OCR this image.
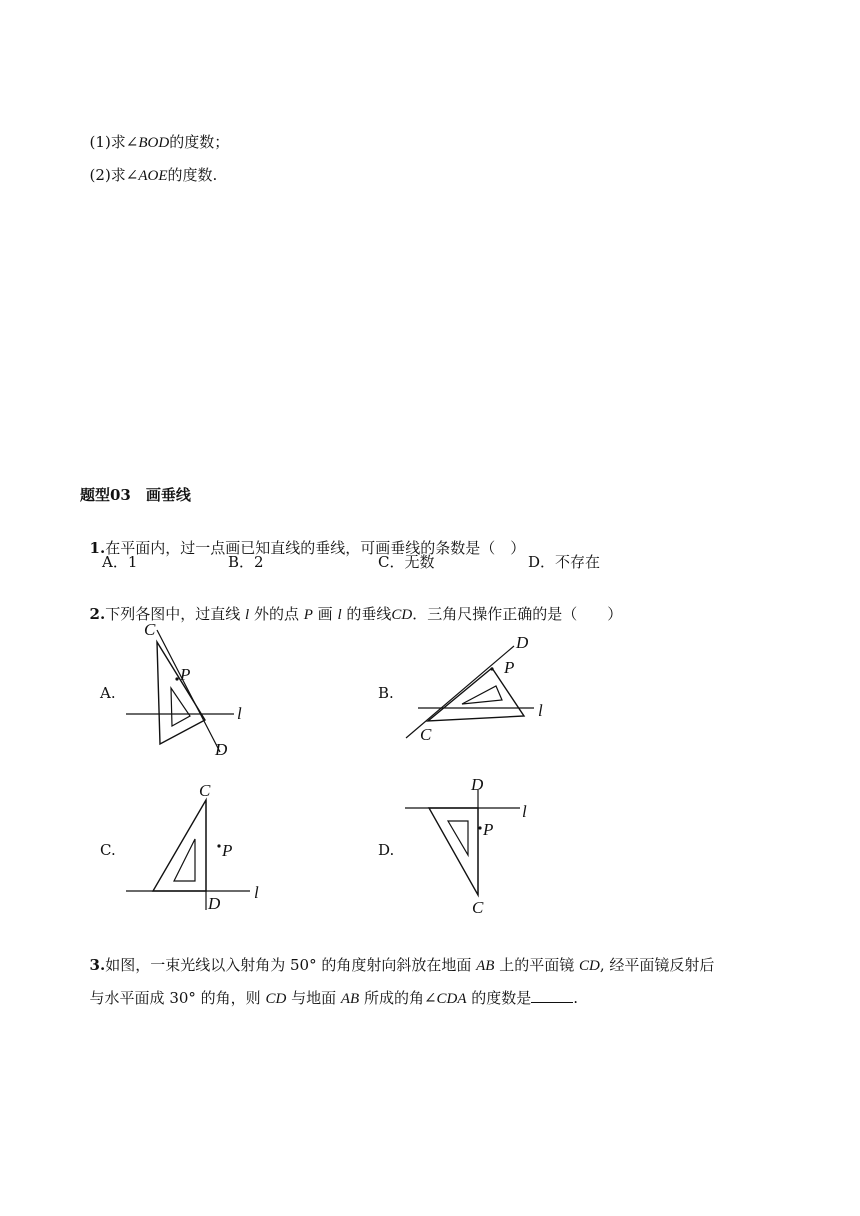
(1)求∠BOD的度数；

(2)求∠AOE的度数.

题型03　画垂线

1.在平面内，过一点画已知直线的垂线，可画垂线的条数是（　）

A．1	B．2	C．无数	D．不存在

2.下列各图中，过直线 l 外的点 P 画 l 的垂线CD．三角尺操作正确的是（　　）

A.
C
P
l
D
B.
D
P
l
C
C.
C
P
l
D
D.
D
l
P
C

3.如图，一束光线以入射角为 50° 的角度射向斜放在地面 AB 上的平面镜 CD, 经平面镜反射后

与水平面成 30° 的角，则 CD 与地面 AB 所成的角∠CDA 的度数是	.
